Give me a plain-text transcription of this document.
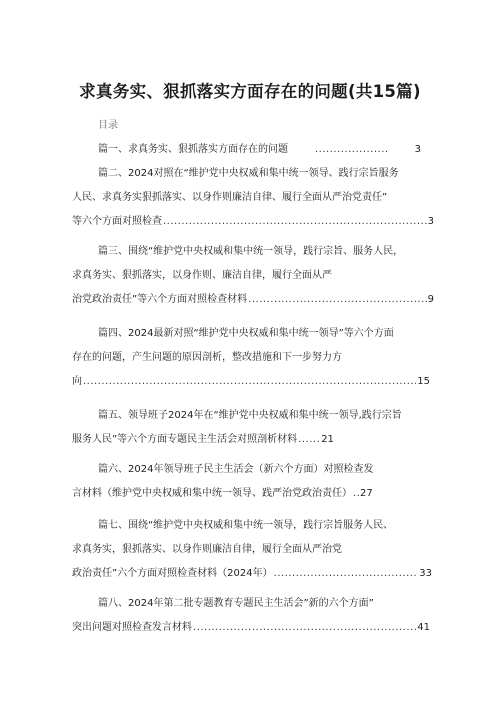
求真务实、狠抓落实方面存在的问题(共15篇)
目录
篇一、求真务实、狠抓落实方面存在的问题 .....	3
篇二、2024对照在“维护党中央权威和集中统一领导、践行宗旨服务
人民、求真务实狠抓落实、以身作则廉洁自律、履行全面从严治党责任”
等六个方面对照检查 .....	3
篇三、围绕“维护党中央权威和集中统一领导，践行宗旨、服务人民，
求真务实、狠抓落实，以身作则、廉洁自律，履行全面从严
治党政治责任”等六个方面对照检查材料 .....	9
篇四、2024最新对照“维护党中央权威和集中统一领导”等六个方面
存在的问题，产生问题的原因剖析，整改措施和下一步努力方
向 .....	15
篇五、领导班子2024年在“维护党中央权威和集中统一领导,践行宗旨
服务人民”等六个方面专题民主生活会对照剖析材料 ..... 21
篇六、2024年领导班子民主生活会（新六个方面）对照检查发
言材料（维护党中央权威和集中统一领导、践严治党政治责任） ..... 27
篇七、围绕“维护党中央权威和集中统一领导，践行宗旨服务人民、
求真务实，狠抓落实、以身作则廉洁自律，履行全面从严治党
政治责任”六个方面对照检查材料（2024年） .....	33
篇八、2024年第二批专题教育专题民主生活会”新的六个方面”
突出问题对照检查发言材料 .....	41
